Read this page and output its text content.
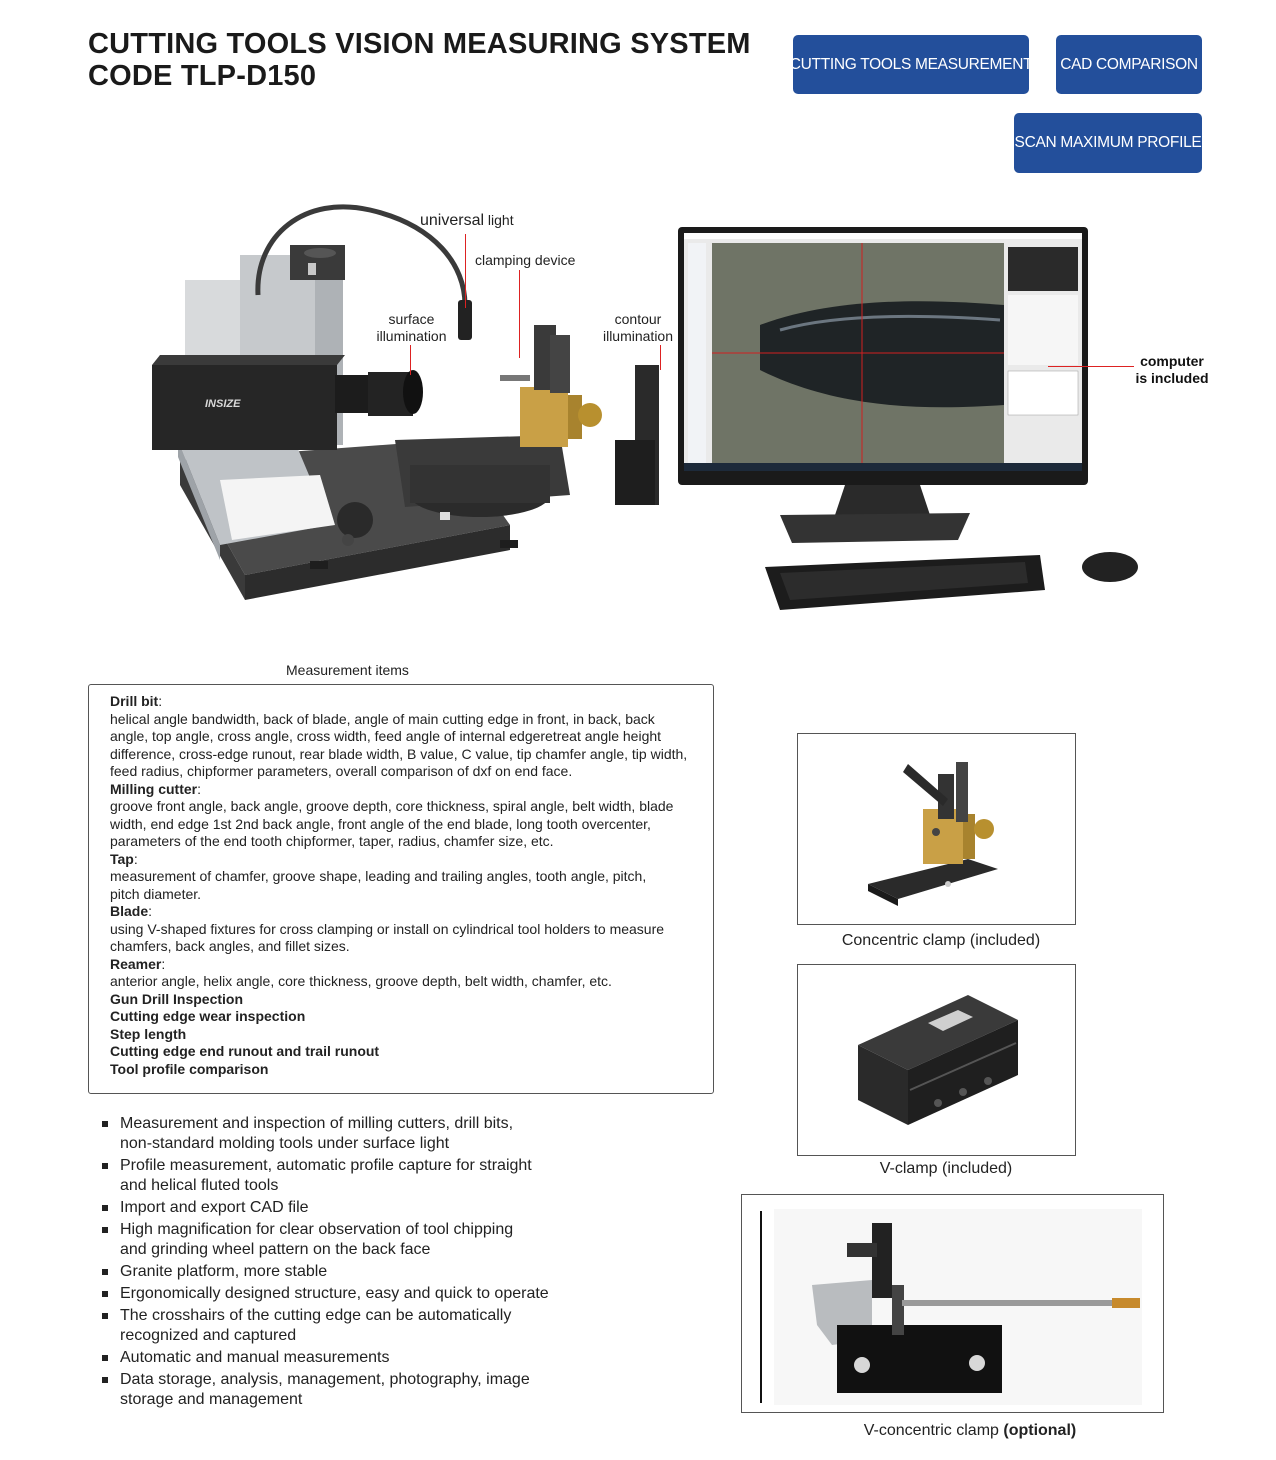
CUTTING TOOLS VISION MEASURING SYSTEM
CODE TLP-D150	CUTTING TOOLS MEASUREMENT CAD COMPARISON
SCAN MAXIMUM PROFILE
INSIZE
universal light
clamping device
surface
illumination
contour
illumination
computer
is included
Measurement items
Drill bit:
helical angle bandwidth, back of blade, angle of main cutting edge in front, in back, back
angle, top angle, cross angle, cross width, feed angle of internal edgeretreat angle height
difference, cross-edge runout, rear blade width, B value, C value, tip chamfer angle, tip width,
feed radius, chipformer parameters, overall comparison of dxf on end face.
Milling cutter:
groove front angle, back angle, groove depth, core thickness, spiral angle, belt width, blade
width, end edge 1st 2nd back angle, front angle of the end blade, long tooth overcenter,
parameters of the end tooth chipformer, taper, radius, chamfer size, etc.
Tap:
measurement of chamfer, groove shape, leading and trailing angles, tooth angle, pitch,
pitch diameter.
Blade:
using V-shaped fixtures for cross clamping or install on cylindrical tool holders to measure
chamfers, back angles, and fillet sizes.
Reamer:
anterior angle, helix angle, core thickness, groove depth, belt width, chamfer, etc.
Gun Drill Inspection
Cutting edge wear inspection
Step length
Cutting edge end runout and trail runout
Tool profile comparison
Measurement and inspection of milling cutters, drill bits,
non-standard molding tools under surface light
Profile measurement, automatic profile capture for straight
and helical fluted tools
Import and export CAD file
High magnification for clear observation of tool chipping
and grinding wheel pattern on the back face
Granite platform, more stable
Ergonomically designed structure, easy and quick to operate
The crosshairs of the cutting edge can be automatically
recognized and captured
Automatic and manual measurements
Data storage, analysis, management, photography, image
storage and management
Concentric clamp (included)
V-clamp (included)
V-concentric clamp (optional)
